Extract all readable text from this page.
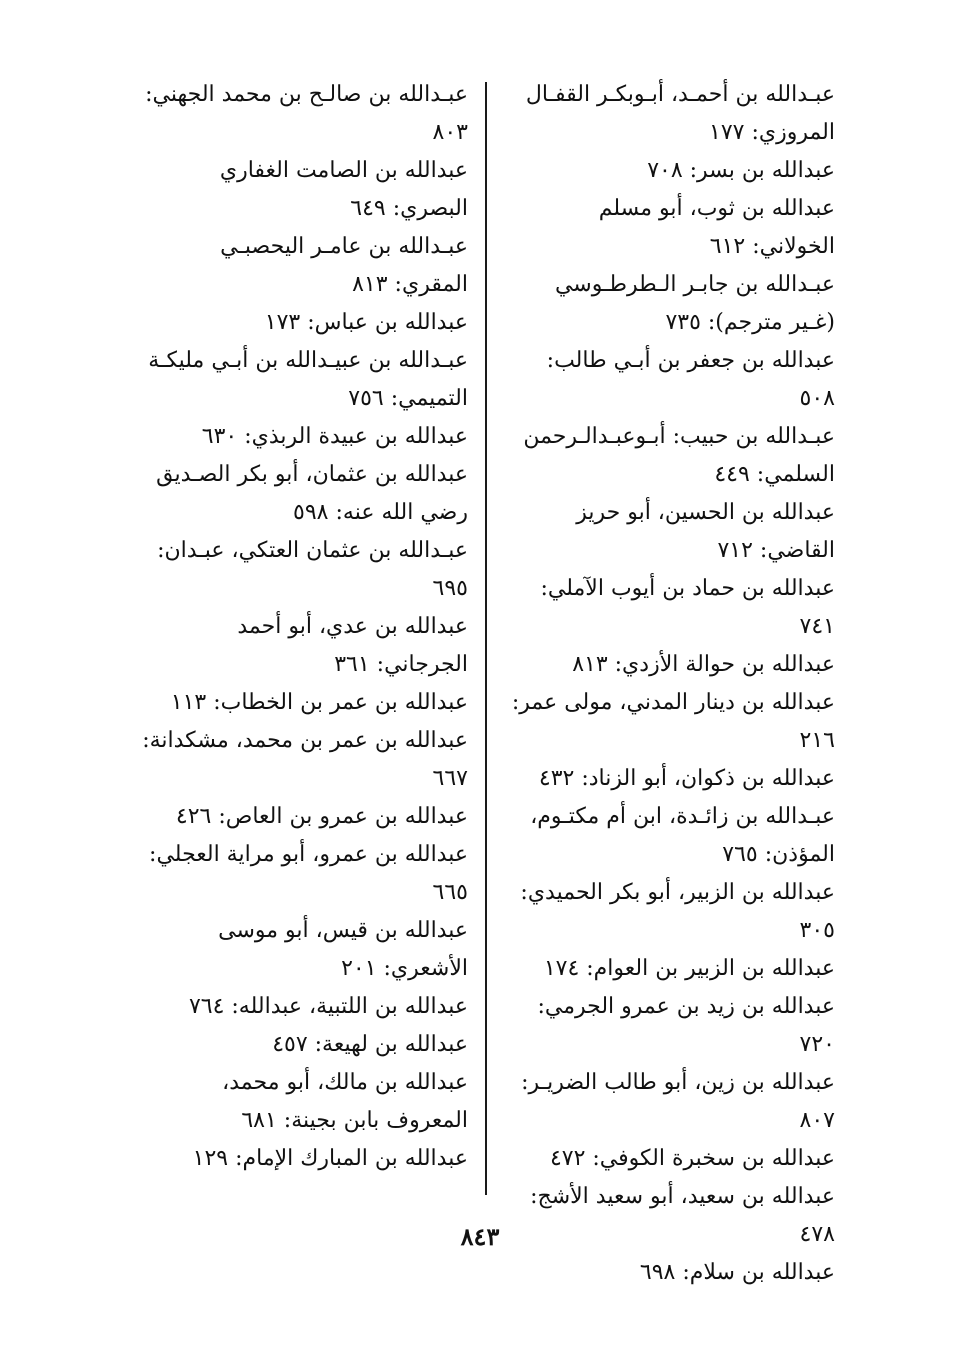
عبـدالله بن أحمـد، أبـوبكـر القفـال المروزي: ١٧٧

عبدالله بن بسر: ٧٠٨

عبدالله بن ثوب، أبو مسلم الخولاني: ٦١٢

عبـدالله بن جابـر الـطرطـوسي (غـير مترجم): ٧٣٥

عبدالله بن جعفر بن أبـي طالب: ٥٠٨

عبـدالله بن حبيب: أبـوعبـدالـرحمن السلمي: ٤٤٩

عبدالله بن الحسين، أبو حريز القاضي: ٧١٢

عبدالله بن حماد بن أيوب الآملي: ٧٤١

عبدالله بن حوالة الأزدي: ٨١٣

عبدالله بن دينار المدني، مولى عمر: ٢١٦

عبدالله بن ذكوان، أبو الزناد: ٤٣٢

عبـدالله بن زائـدة، ابن أم مكتـوم، المؤذن: ٧٦٥

عبدالله بن الزبير، أبو بكر الحميدي: ٣٠٥

عبدالله بن الزبير بن العوام: ١٧٤

عبدالله بن زيد بن عمرو الجرمي: ٧٢٠

عبدالله بن زين، أبو طالب الضريـر: ٨٠٧

عبدالله بن سخبرة الكوفي: ٤٧٢

عبدالله بن سعيد، أبو سعيد الأشج: ٤٧٨

عبدالله بن سلام: ٦٩٨

عبـدالله بن صالـح بن محمد الجهني: ٨٠٣

عبدالله بن الصامت الغفاري البصري: ٦٤٩

عبـدالله بن عامـر اليحصبـي المقري: ٨١٣

عبدالله بن عباس: ١٧٣

عبـدالله بن عبيـدالله بن أبـي مليكـة التميمي: ٧٥٦

عبدالله بن عبيدة الربذي: ٦٣٠

عبدالله بن عثمان، أبو بكر الصـديق رضي الله عنه: ٥٩٨

عبـدالله بن عثمان العتكي، عبـدان: ٦٩٥

عبدالله بن عدي، أبو أحمد الجرجاني: ٣٦١

عبدالله بن عمر بن الخطاب: ١١٣

عبدالله بن عمر بن محمد، مشكدانة: ٦٦٧

عبدالله بن عمرو بن العاص: ٤٢٦

عبدالله بن عمرو، أبو مراية العجلي: ٦٦٥

عبدالله بن قيس، أبو موسى الأشعري: ٢٠١

عبدالله بن اللتبية، عبدالله: ٧٦٤

عبدالله بن لهيعة: ٤٥٧

عبدالله بن مالك، أبو محمد، المعروف بابن بجينة: ٦٨١

عبدالله بن المبارك الإمام: ١٢٩

٨٤٣
